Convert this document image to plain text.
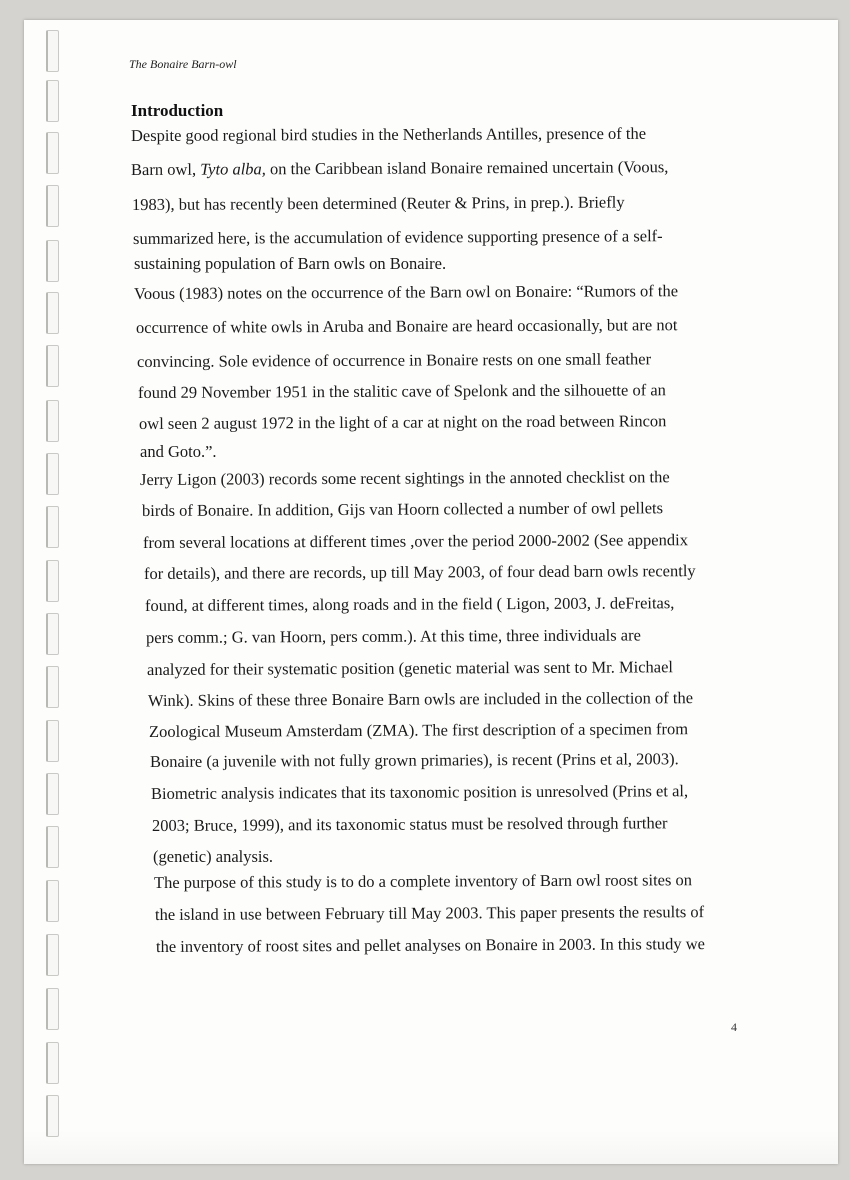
The Bonaire Barn-owl
Introduction
Despite good regional bird studies in the Netherlands Antilles, presence of the
Barn owl, Tyto alba, on the Caribbean island Bonaire remained uncertain (Voous,
1983), but has recently been determined (Reuter & Prins, in prep.). Briefly
summarized here, is the accumulation of evidence supporting presence of a self-
sustaining population of Barn owls on Bonaire.
Voous (1983) notes on the occurrence of the Barn owl on Bonaire: “Rumors of the
occurrence of white owls in Aruba and Bonaire are heard occasionally, but are not
convincing. Sole evidence of occurrence in Bonaire rests on one small feather
found 29 November 1951 in the stalitic cave of Spelonk and the silhouette of an
owl seen 2 august 1972 in the light of a car at night on the road between Rincon
and Goto.”.
Jerry Ligon (2003) records some recent sightings in the annoted checklist on the
birds of Bonaire. In addition, Gijs van Hoorn collected a number of owl pellets
from several locations at different times ,over the period 2000-2002 (See appendix
for details), and there are records, up till May 2003, of four dead barn owls recently
found, at different times, along roads and in the field ( Ligon, 2003, J. deFreitas,
pers comm.; G. van Hoorn, pers comm.). At this time, three individuals are
analyzed for their systematic position (genetic material was sent to Mr. Michael
Wink). Skins of these three Bonaire Barn owls are included in the collection of the
Zoological Museum Amsterdam (ZMA). The first description of a specimen from
Bonaire (a juvenile with not fully grown primaries), is recent (Prins et al, 2003).
Biometric analysis indicates that its taxonomic position is unresolved (Prins et al,
2003; Bruce, 1999), and its taxonomic status must be resolved through further
(genetic) analysis.
The purpose of this study is to do a complete inventory of Barn owl roost sites on
the island in use between February till May 2003. This paper presents the results of
the inventory of roost sites and pellet analyses on Bonaire in 2003. In this study we
4
